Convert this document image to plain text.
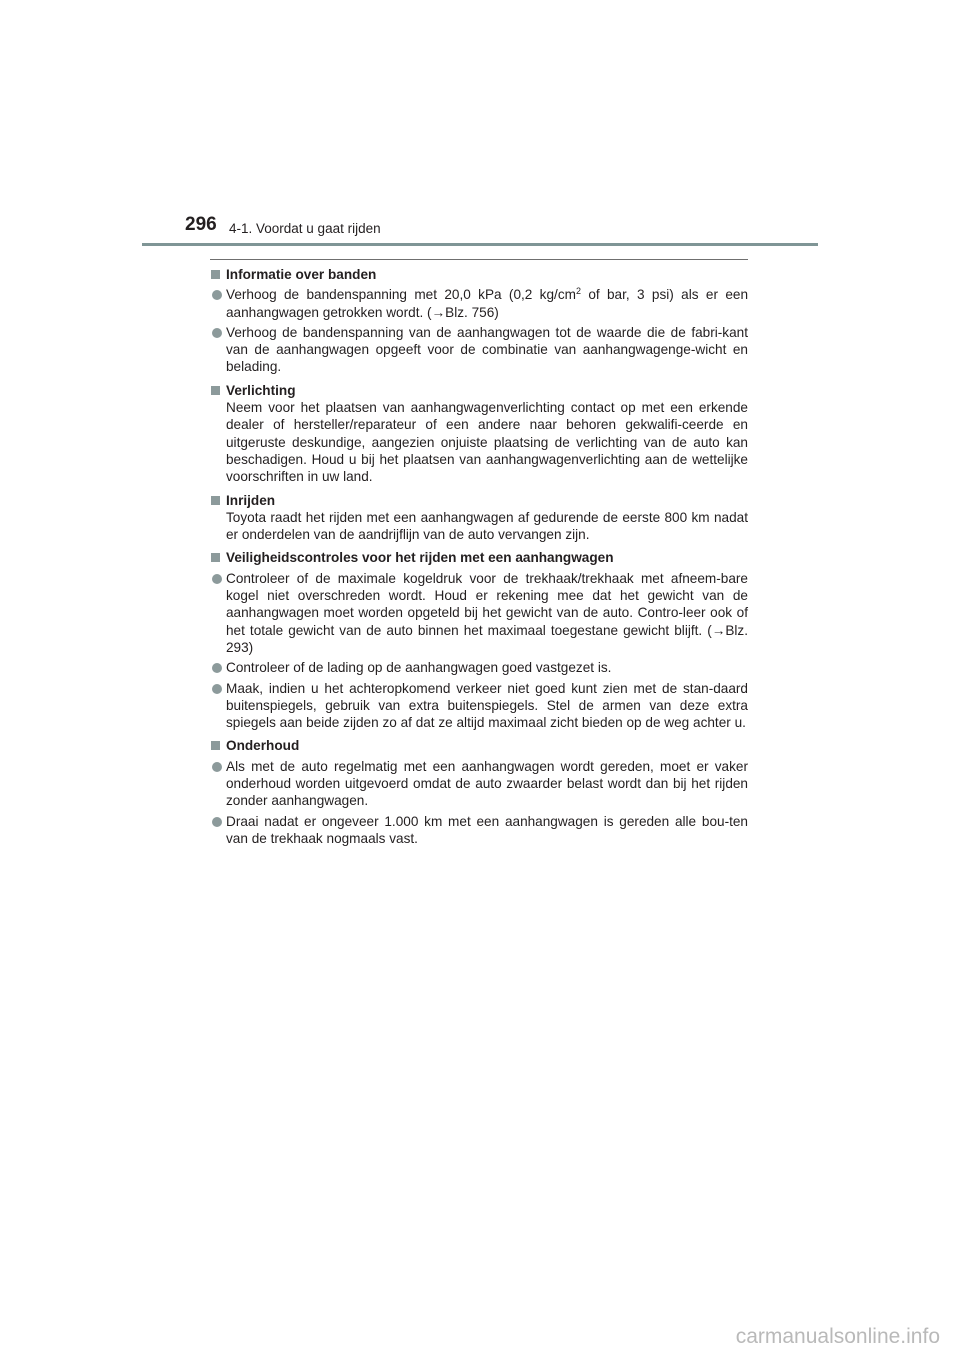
296 4-1. Voordat u gaat rijden
Informatie over banden
Verhoog de bandenspanning met 20,0 kPa (0,2 $kg/cm^2$ of bar, 3 psi) als er een aanhangwagen getrokken wordt. (→Blz. 756)
Verhoog de bandenspanning van de aanhangwagen tot de waarde die de fabri-kant van de aanhangwagen opgeeft voor de combinatie van aanhangwagenge-wicht en belading.
Verlichting
Neem voor het plaatsen van aanhangwagenverlichting contact op met een erkende dealer of hersteller/reparateur of een andere naar behoren gekwalifi-ceerde en uitgeruste deskundige, aangezien onjuiste plaatsing de verlichting van de auto kan beschadigen. Houd u bij het plaatsen van aanhangwagenverlichting aan de wettelijke voorschriften in uw land.
Inrijden
Toyota raadt het rijden met een aanhangwagen af gedurende de eerste 800 km nadat er onderdelen van de aandrijflijn van de auto vervangen zijn.
Veiligheidscontroles voor het rijden met een aanhangwagen
Controleer of de maximale kogeldruk voor de trekhaak/trekhaak met afneem-bare kogel niet overschreden wordt. Houd er rekening mee dat het gewicht van de aanhangwagen moet worden opgeteld bij het gewicht van de auto. Contro-leer ook of het totale gewicht van de auto binnen het maximaal toegestane gewicht blijft. (→Blz. 293)
Controleer of de lading op de aanhangwagen goed vastgezet is.
Maak, indien u het achteropkomend verkeer niet goed kunt zien met de stan-daard buitenspiegels, gebruik van extra buitenspiegels. Stel de armen van deze extra spiegels aan beide zijden zo af dat ze altijd maximaal zicht bieden op de weg achter u.
Onderhoud
Als met de auto regelmatig met een aanhangwagen wordt gereden, moet er vaker onderhoud worden uitgevoerd omdat de auto zwaarder belast wordt dan bij het rijden zonder aanhangwagen.
Draai nadat er ongeveer 1.000 km met een aanhangwagen is gereden alle bou-ten van de trekhaak nogmaals vast.
carmanualsonline.info
